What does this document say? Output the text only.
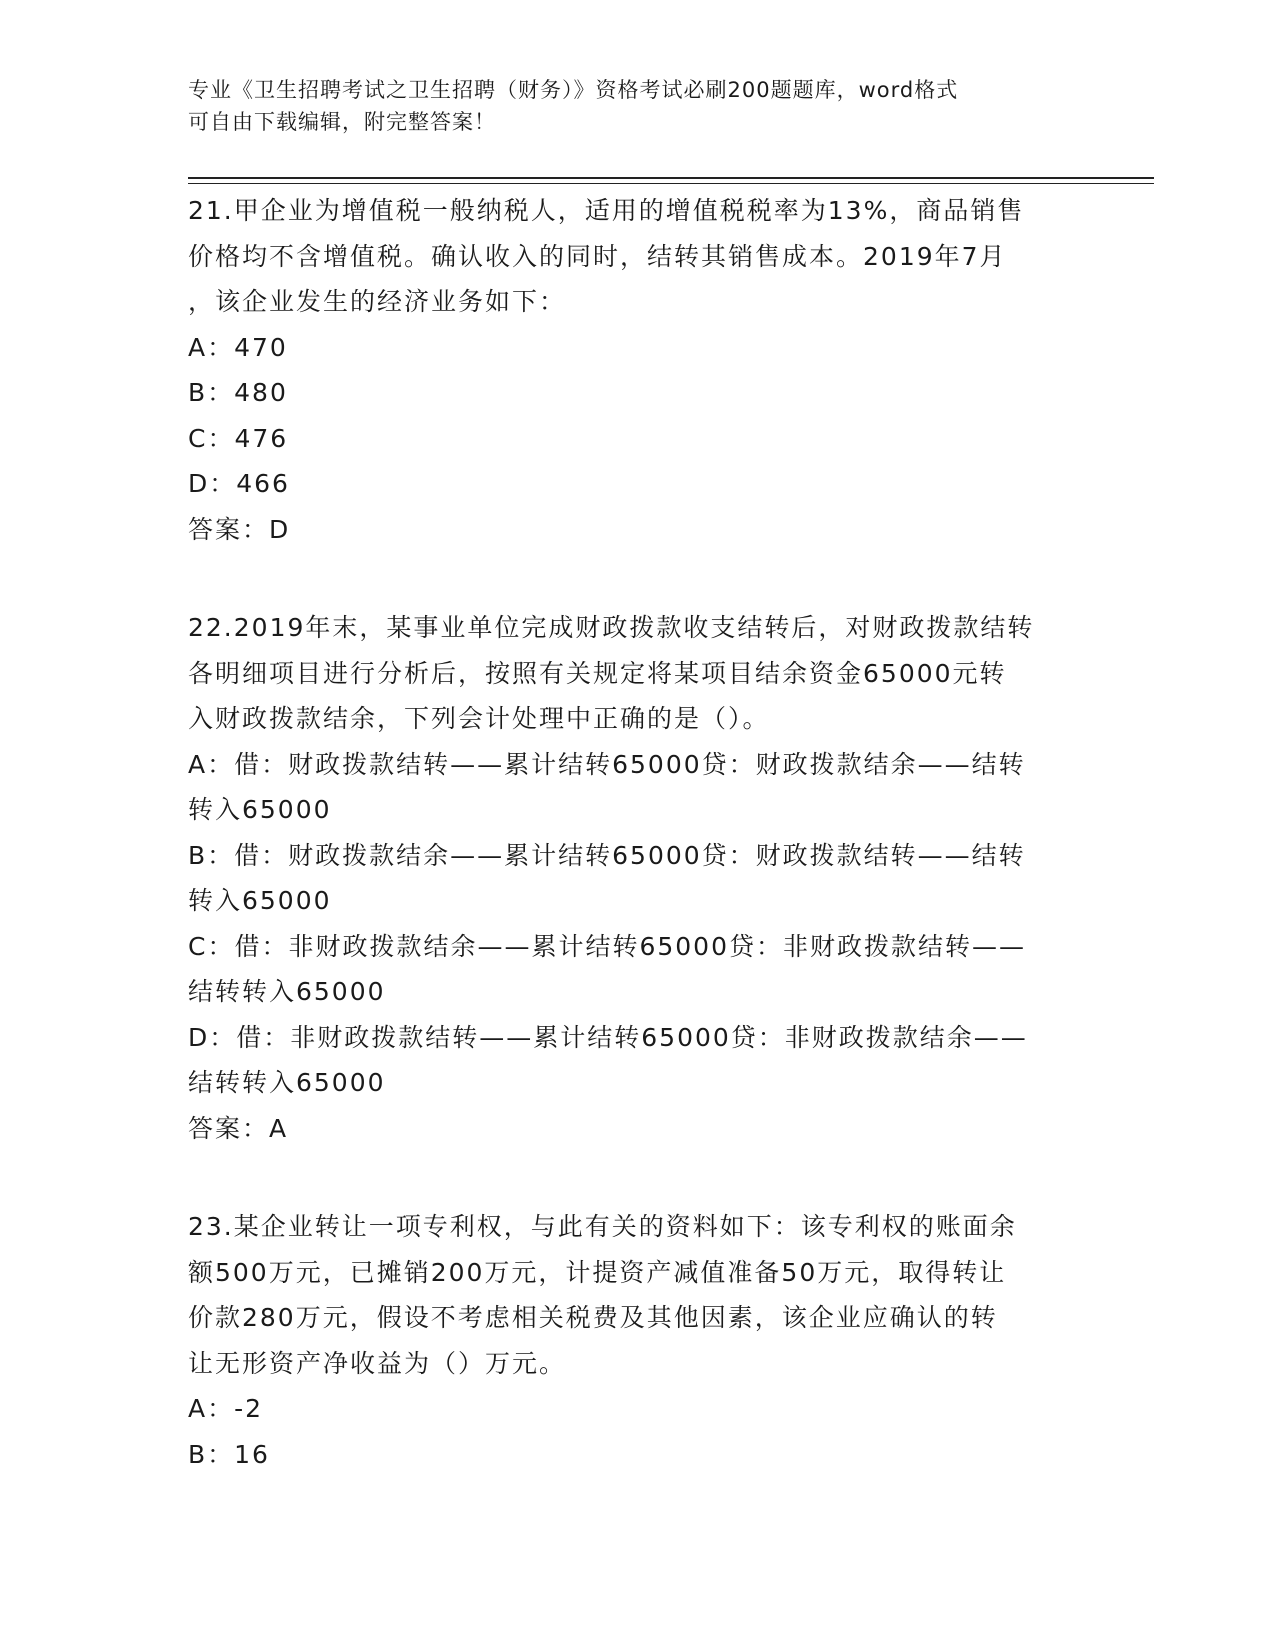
专业《卫生招聘考试之卫生招聘（财务）》资格考试必刷200题题库，word格式
可自由下载编辑，附完整答案！
21.甲企业为增值税一般纳税人，适用的增值税税率为13%，商品销售
价格均不含增值税。确认收入的同时，结转其销售成本。2019年7月
，该企业发生的经济业务如下：
A：470
B：480
C：476
D：466
答案：D
22.2019年末，某事业单位完成财政拨款收支结转后，对财政拨款结转
各明细项目进行分析后，按照有关规定将某项目结余资金65000元转
入财政拨款结余，下列会计处理中正确的是（）。
A：借：财政拨款结转——累计结转65000贷：财政拨款结余——结转
转入65000
B：借：财政拨款结余——累计结转65000贷：财政拨款结转——结转
转入65000
C：借：非财政拨款结余——累计结转65000贷：非财政拨款结转——
结转转入65000
D：借：非财政拨款结转——累计结转65000贷：非财政拨款结余——
结转转入65000
答案：A
23.某企业转让一项专利权，与此有关的资料如下：该专利权的账面余
额500万元，已摊销200万元，计提资产减值准备50万元，取得转让
价款280万元，假设不考虑相关税费及其他因素，该企业应确认的转
让无形资产净收益为（）万元。
A：-2
B：16
